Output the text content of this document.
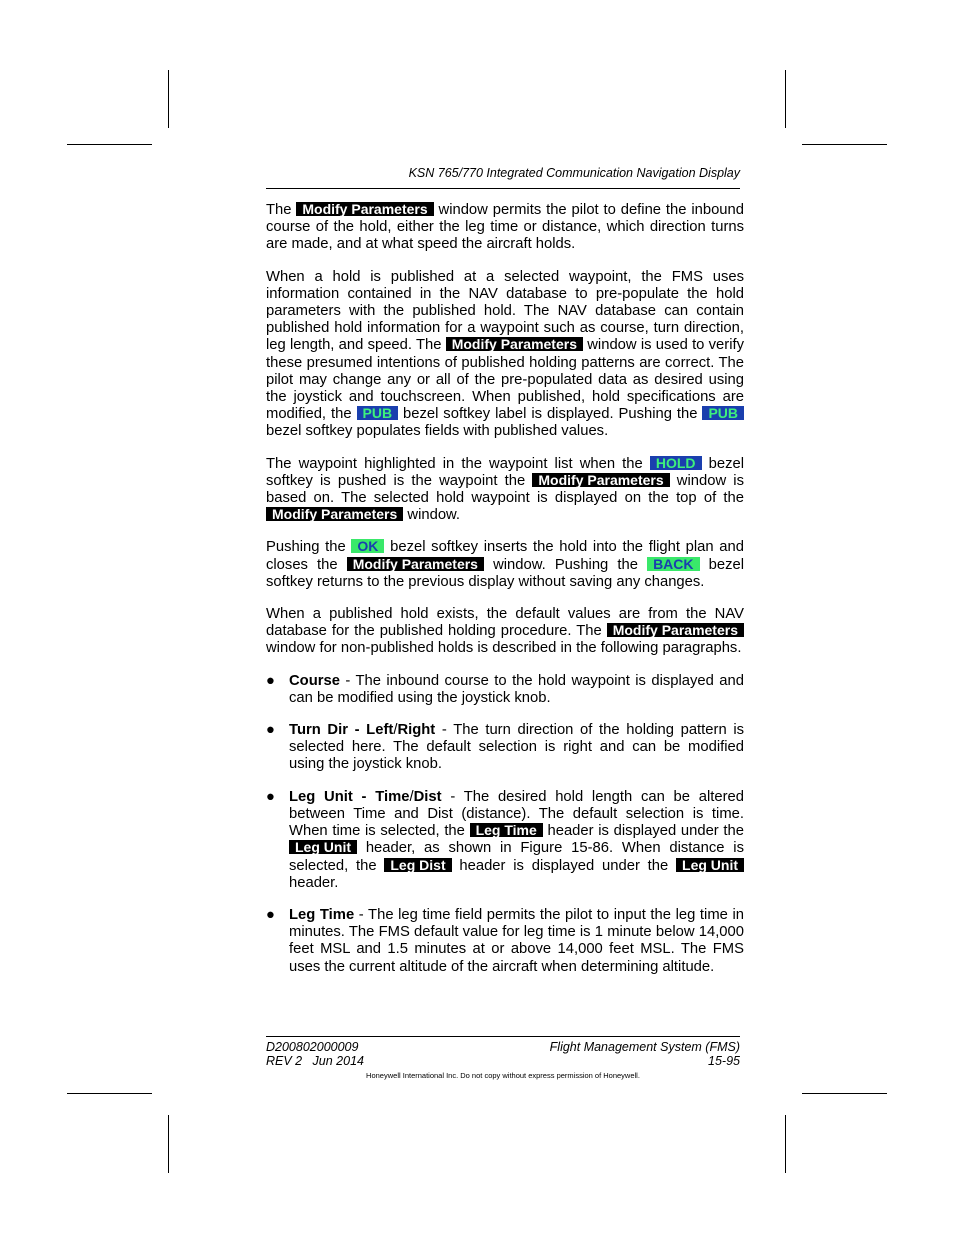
KSN 765/770 Integrated Communication Navigation Display

The Modify Parameters window permits the pilot to define the inbound course of the hold, either the leg time or distance, which direction turns are made, and at what speed the aircraft holds.

When a hold is published at a selected waypoint, the FMS uses information contained in the NAV database to pre‐populate the hold parameters with the published hold. The NAV database can contain published hold information for a waypoint such as course, turn direction, leg length, and speed. The Modify Parameters window is used to verify these presumed intentions of published holding patterns are correct. The pilot may change any or all of the pre‐populated data as desired using the joystick and touchscreen. When published, hold specifications are modified, the PUB bezel softkey label is displayed. Pushing the PUB bezel softkey populates fields with published values.

The waypoint highlighted in the waypoint list when the HOLD bezel softkey is pushed is the waypoint the Modify Parameters window is based on. The selected hold waypoint is displayed on the top of the Modify Parameters window.

Pushing the OK bezel softkey inserts the hold into the flight plan and closes the Modify Parameters window. Pushing the BACK bezel softkey returns to the previous display without saving any changes.

When a published hold exists, the default values are from the NAV database for the published holding procedure. The Modify Parameters window for non‐published holds is described in the following paragraphs.

● Course ‐ The inbound course to the hold waypoint is displayed and can be modified using the joystick knob.
● Turn Dir ‐ Left/Right ‐ The turn direction of the holding pattern is selected here. The default selection is right and can be modified using the joystick knob.
● Leg Unit ‐ Time/Dist ‐ The desired hold length can be altered between Time and Dist (distance). The default selection is time. When time is selected, the Leg Time header is displayed under the Leg Unit header, as shown in Figure 15‐86. When distance is selected, the Leg Dist header is displayed under the Leg Unit header.
● Leg Time ‐ The leg time field permits the pilot to input the leg time in minutes. The FMS default value for leg time is 1 minute below 14,000 feet MSL and 1.5 minutes at or above 14,000 feet MSL. The FMS uses the current altitude of the aircraft when determining altitude.
D200802000009
REV 2   Jun 2014
Flight Management System (FMS)
15-95
Honeywell International Inc. Do not copy without express permission of Honeywell.
